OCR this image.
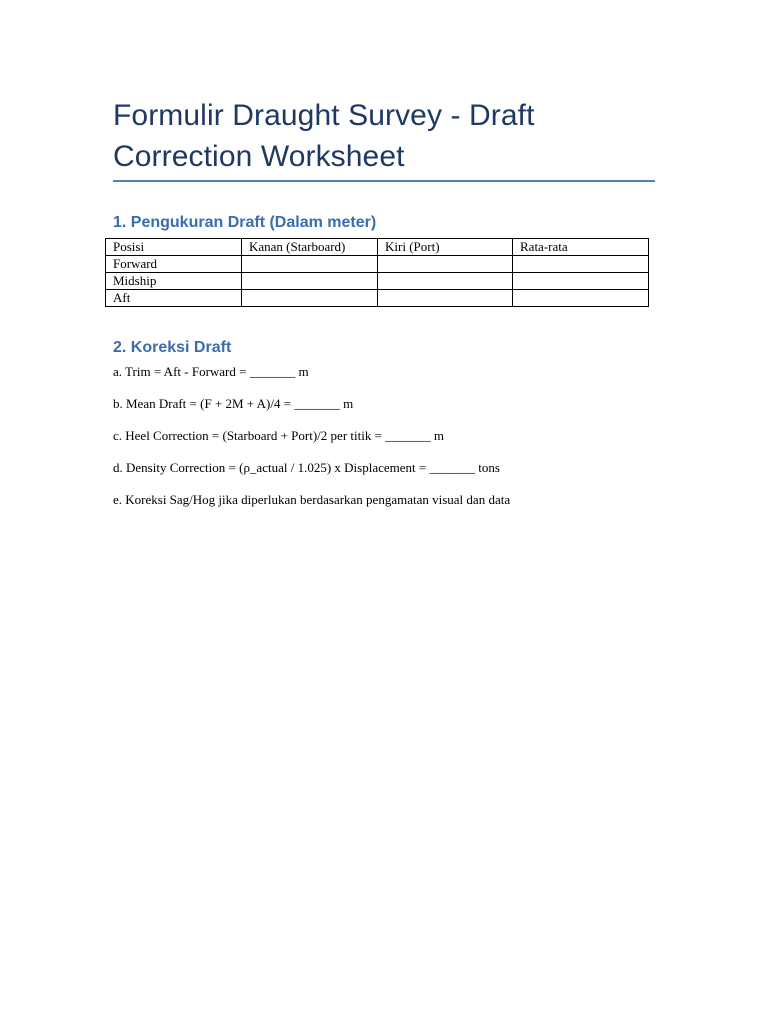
Formulir Draught Survey - Draft Correction Worksheet
1. Pengukuran Draft (Dalam meter)
Posisi	Kanan (Starboard)	Kiri (Port)	Rata-rata
Forward			
Midship			
Aft			
2. Koreksi Draft

a. Trim = Aft - Forward = _______ m

b. Mean Draft = (F + 2M + A)/4 = _______ m

c. Heel Correction = (Starboard + Port)/2 per titik = _______ m

d. Density Correction = (ρ_actual / 1.025) x Displacement = _______ tons

e. Koreksi Sag/Hog jika diperlukan berdasarkan pengamatan visual dan data
